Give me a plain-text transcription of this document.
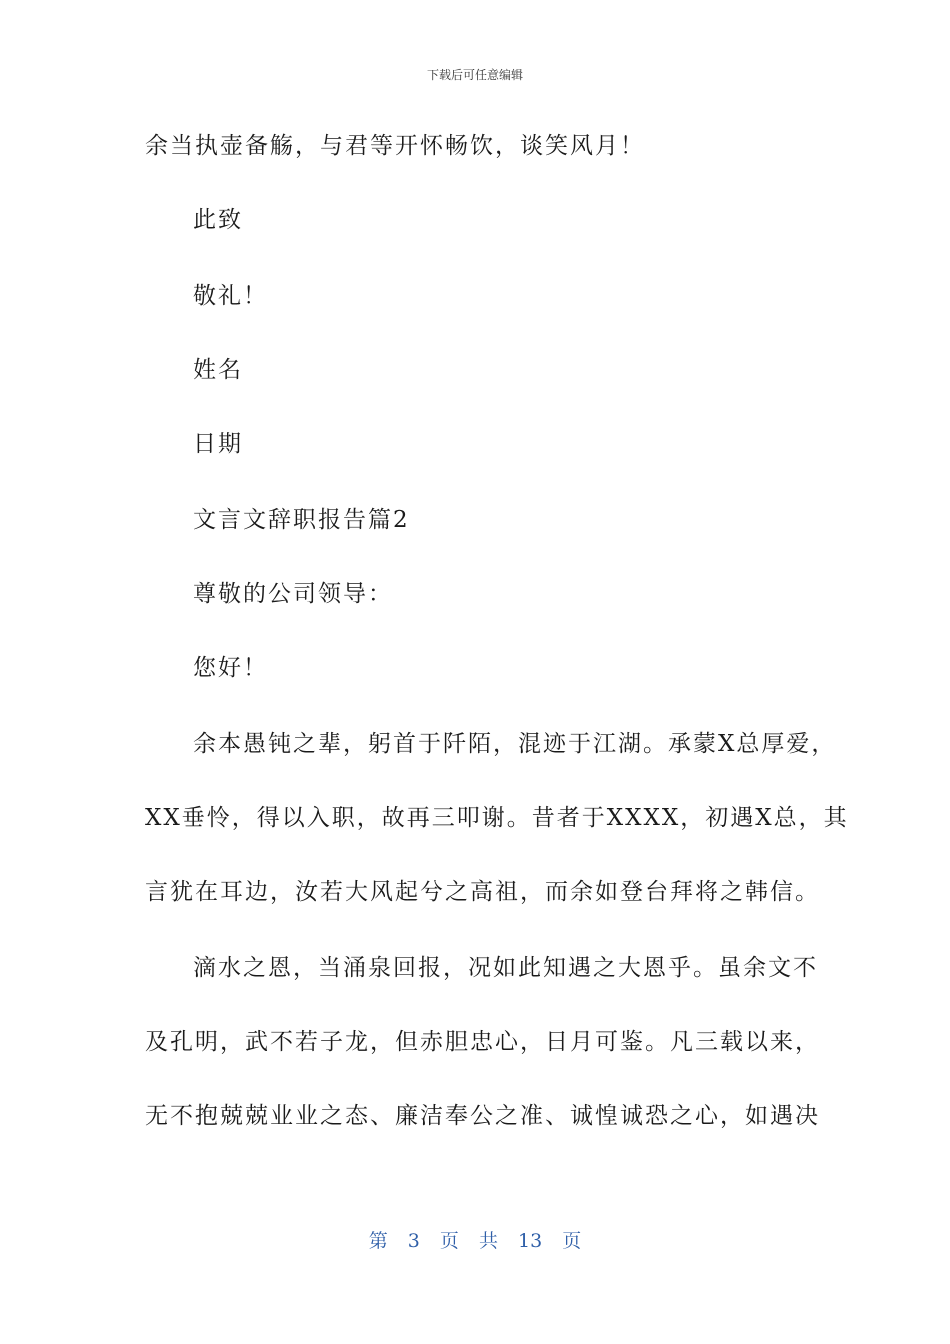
下载后可任意编辑
余当执壶备觞，与君等开怀畅饮，谈笑风月！
此致
敬礼！
姓名
日期
文言文辞职报告篇2
尊敬的公司领导：
您好！
余本愚钝之辈，躬首于阡陌，混迹于江湖。承蒙X总厚爱，
XX垂怜，得以入职，故再三叩谢。昔者于XXXX，初遇X总，其
言犹在耳边，汝若大风起兮之高祖，而余如登台拜将之韩信。
滴水之恩，当涌泉回报，况如此知遇之大恩乎。虽余文不
及孔明，武不若子龙，但赤胆忠心，日月可鉴。凡三载以来，
无不抱兢兢业业之态、廉洁奉公之准、诚惶诚恐之心，如遇决
第 3 页 共 13 页
